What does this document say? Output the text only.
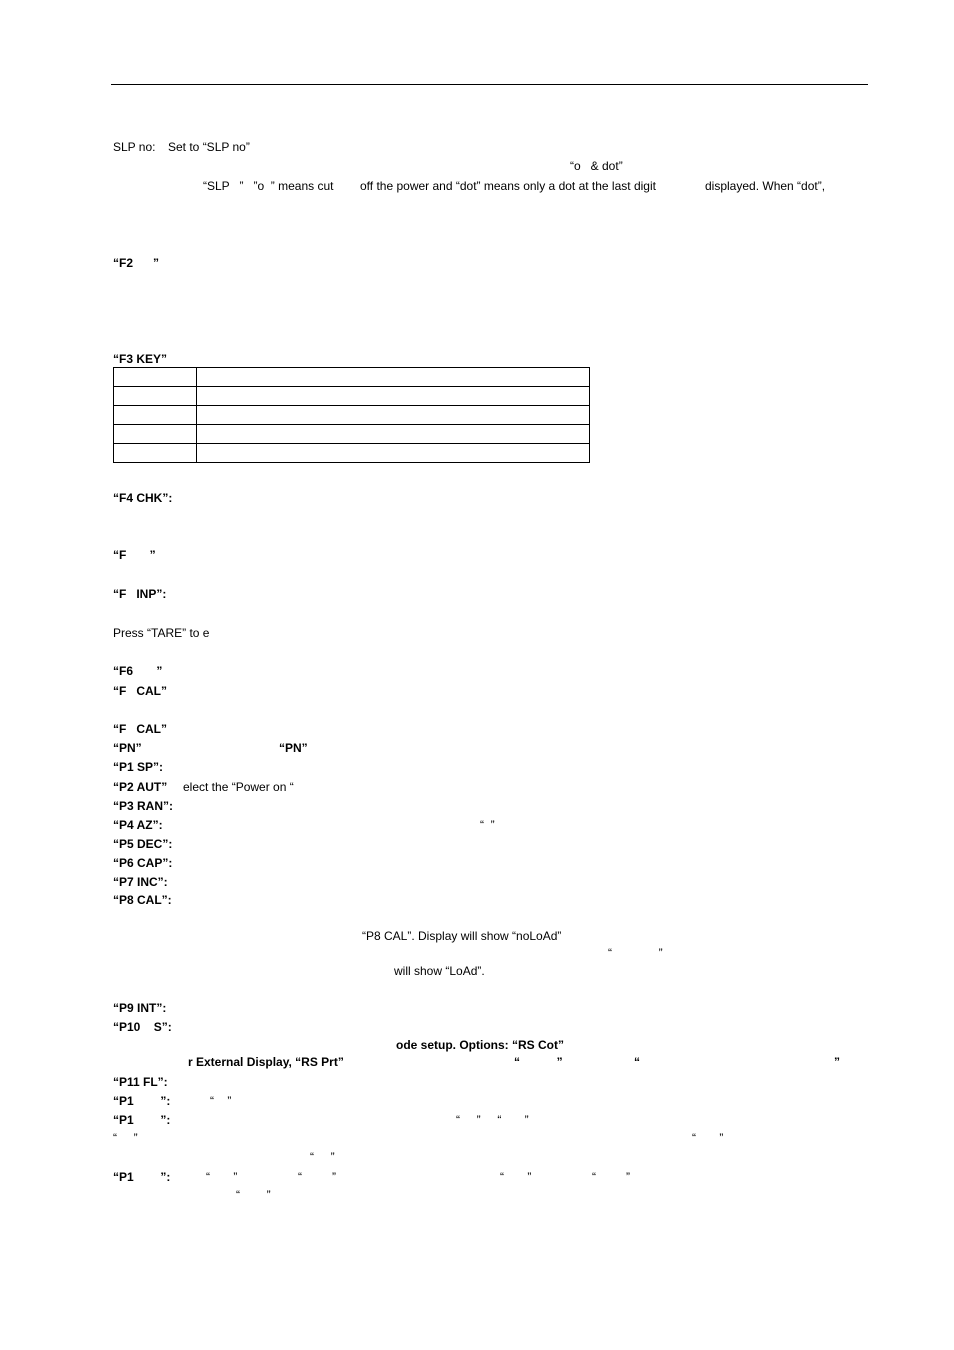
SLP no: Set to “SLP no”
“o   & dot”
“SLP   ”   ”o  ” means cut off the power and “dot” means only a dot at the last digit	displayed. When “dot”,
“F2      ”
“F3 KEY”

“F4 CHK”:
“F       ”
“F   INP”:
Press “TARE” to e
“F6       ”
“F   CAL”
“F   CAL”
“PN”	“PN”
“P1 SP”:
“P2 AUT” elect the “Power on “
“P3 RAN”:
“P4 AZ”:	“  ”
“P5 DEC”:
“P6 CAP”:
“P7 INC”:
“P8 CAL”:
“P8 CAL”. Display will show “noLoAd”
“              ”
will show “LoAd”.
“P9 INT”:
“P10    S”:
ode setup. Options: “RS Cot”
r External Display, “RS Prt”	“           ”	“	”
“P11 FL”:
“P1        ”:	“    ”
“P1        ”:	“     ”     “       ”
“     ”	“       ”
“     ”
“P1        ”:	“       ”	“         ”	“       ”	“         ”
“        ”
